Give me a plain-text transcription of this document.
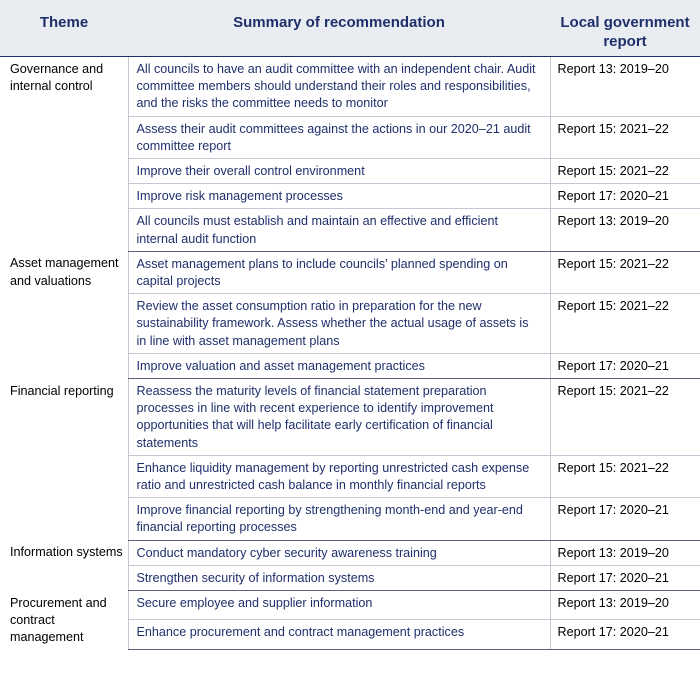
Theme	Summary of recommendation	Local government report
Governance and internal control	All councils to have an audit committee with an independent chair. Audit committee members should understand their roles and responsibilities, and the risks the committee needs to monitor	Report 13: 2019–20
	Assess their audit committees against the actions in our 2020–21 audit committee report	Report 15: 2021–22
	Improve their overall control environment	Report 15: 2021–22
	Improve risk management processes	Report 17: 2020–21
	All councils must establish and maintain an effective and efficient internal audit function	Report 13: 2019–20
Asset management and valuations	Asset management plans to include councils’ planned spending on capital projects	Report 15: 2021–22
	Review the asset consumption ratio in preparation for the new sustainability framework. Assess whether the actual usage of assets is in line with asset management plans	Report 15: 2021–22
	Improve valuation and asset management practices	Report 17: 2020–21
Financial reporting	Reassess the maturity levels of financial statement preparation processes in line with recent experience to identify improvement opportunities that will help facilitate early certification of financial statements	Report 15: 2021–22
	Enhance liquidity management by reporting unrestricted cash expense ratio and unrestricted cash balance in monthly financial reports	Report 15: 2021–22
	Improve financial reporting by strengthening month-end and year-end financial reporting processes	Report 17: 2020–21
Information systems	Conduct mandatory cyber security awareness training	Report 13: 2019–20
	Strengthen security of information systems	Report 17: 2020–21
Procurement and contract management	Secure employee and supplier information	Report 13: 2019–20
	Enhance procurement and contract management practices	Report 17: 2020–21
